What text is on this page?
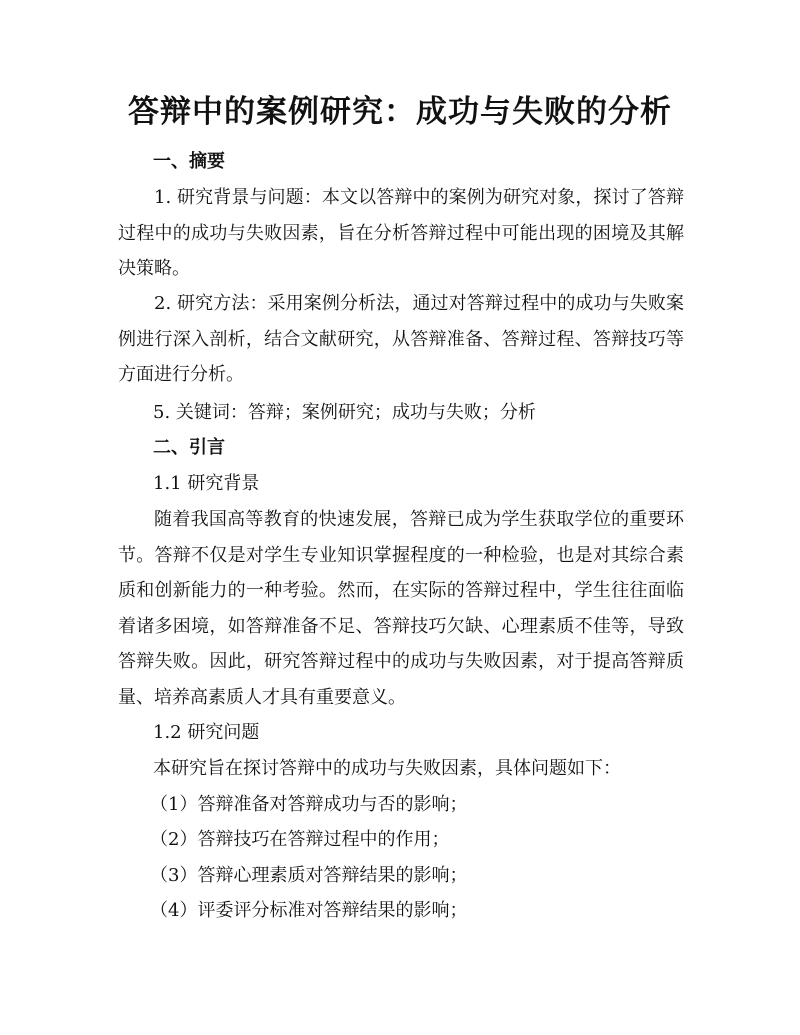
答辩中的案例研究：成功与失败的分析
一、摘要

1. 研究背景与问题：本文以答辩中的案例为研究对象，探讨了答辩过程中的成功与失败因素，旨在分析答辩过程中可能出现的困境及其解决策略。

2. 研究方法：采用案例分析法，通过对答辩过程中的成功与失败案例进行深入剖析，结合文献研究，从答辩准备、答辩过程、答辩技巧等方面进行分析。

5. 关键词：答辩；案例研究；成功与失败；分析

二、引言

1.1 研究背景

随着我国高等教育的快速发展，答辩已成为学生获取学位的重要环节。答辩不仅是对学生专业知识掌握程度的一种检验，也是对其综合素质和创新能力的一种考验。然而，在实际的答辩过程中，学生往往面临着诸多困境，如答辩准备不足、答辩技巧欠缺、心理素质不佳等，导致答辩失败。因此，研究答辩过程中的成功与失败因素，对于提高答辩质量、培养高素质人才具有重要意义。

1.2 研究问题

本研究旨在探讨答辩中的成功与失败因素，具体问题如下：

（1）答辩准备对答辩成功与否的影响；

（2）答辩技巧在答辩过程中的作用；

（3）答辩心理素质对答辩结果的影响；

（4）评委评分标准对答辩结果的影响；
